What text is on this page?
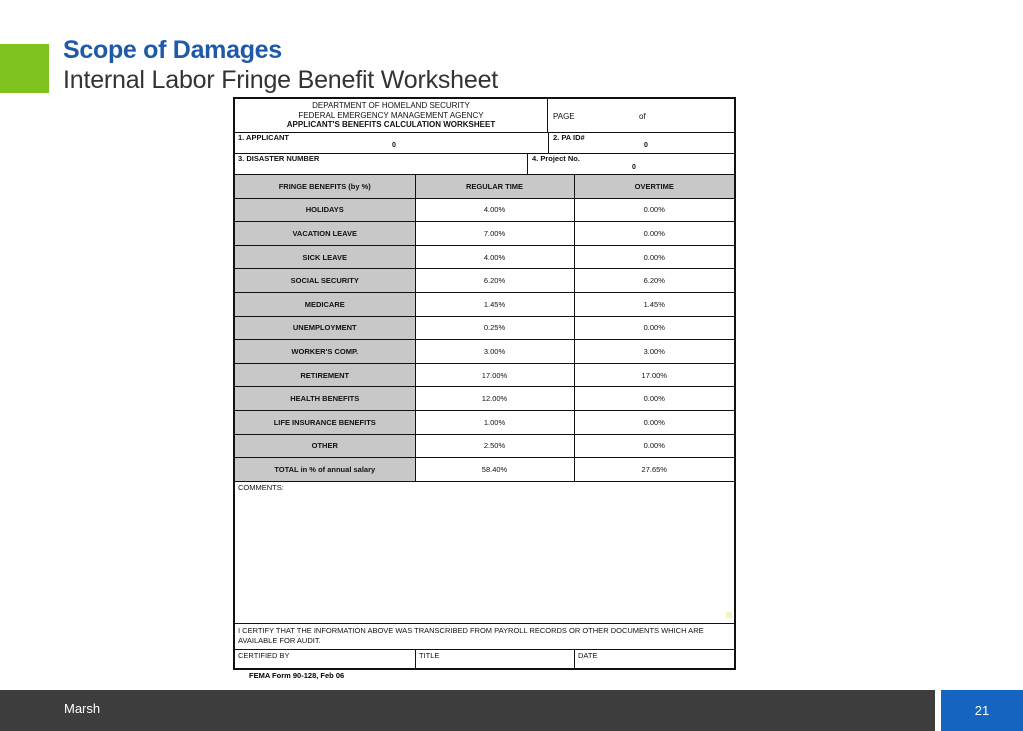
Scope of Damages
Internal Labor Fringe Benefit Worksheet
DEPARTMENT OF HOMELAND SECURITY
FEDERAL EMERGENCY MANAGEMENT AGENCY
APPLICANT'S BENEFITS CALCULATION WORKSHEET
PAGE	of
1. APPLICANT
0
2. PA ID#
0
3. DISASTER NUMBER	4. Project No.
0
FRINGE BENEFITS (by %)	REGULAR TIME	OVERTIME
HOLIDAYS	4.00%	0.00%
VACATION LEAVE	7.00%	0.00%
SICK LEAVE	4.00%	0.00%
SOCIAL SECURITY	6.20%	6.20%
MEDICARE	1.45%	1.45%
UNEMPLOYMENT	0.25%	0.00%
WORKER'S COMP.	3.00%	3.00%
RETIREMENT	17.00%	17.00%
HEALTH BENEFITS	12.00%	0.00%
LIFE INSURANCE BENEFITS	1.00%	0.00%
OTHER	2.50%	0.00%
TOTAL in % of annual salary	58.40%	27.65%
COMMENTS:
I CERTIFY THAT THE INFORMATION ABOVE WAS TRANSCRIBED FROM PAYROLL RECORDS OR OTHER DOCUMENTS WHICH ARE AVAILABLE FOR AUDIT.
CERTIFIED BY	TITLE	DATE
FEMA Form 90-128, Feb 06
Marsh	21
